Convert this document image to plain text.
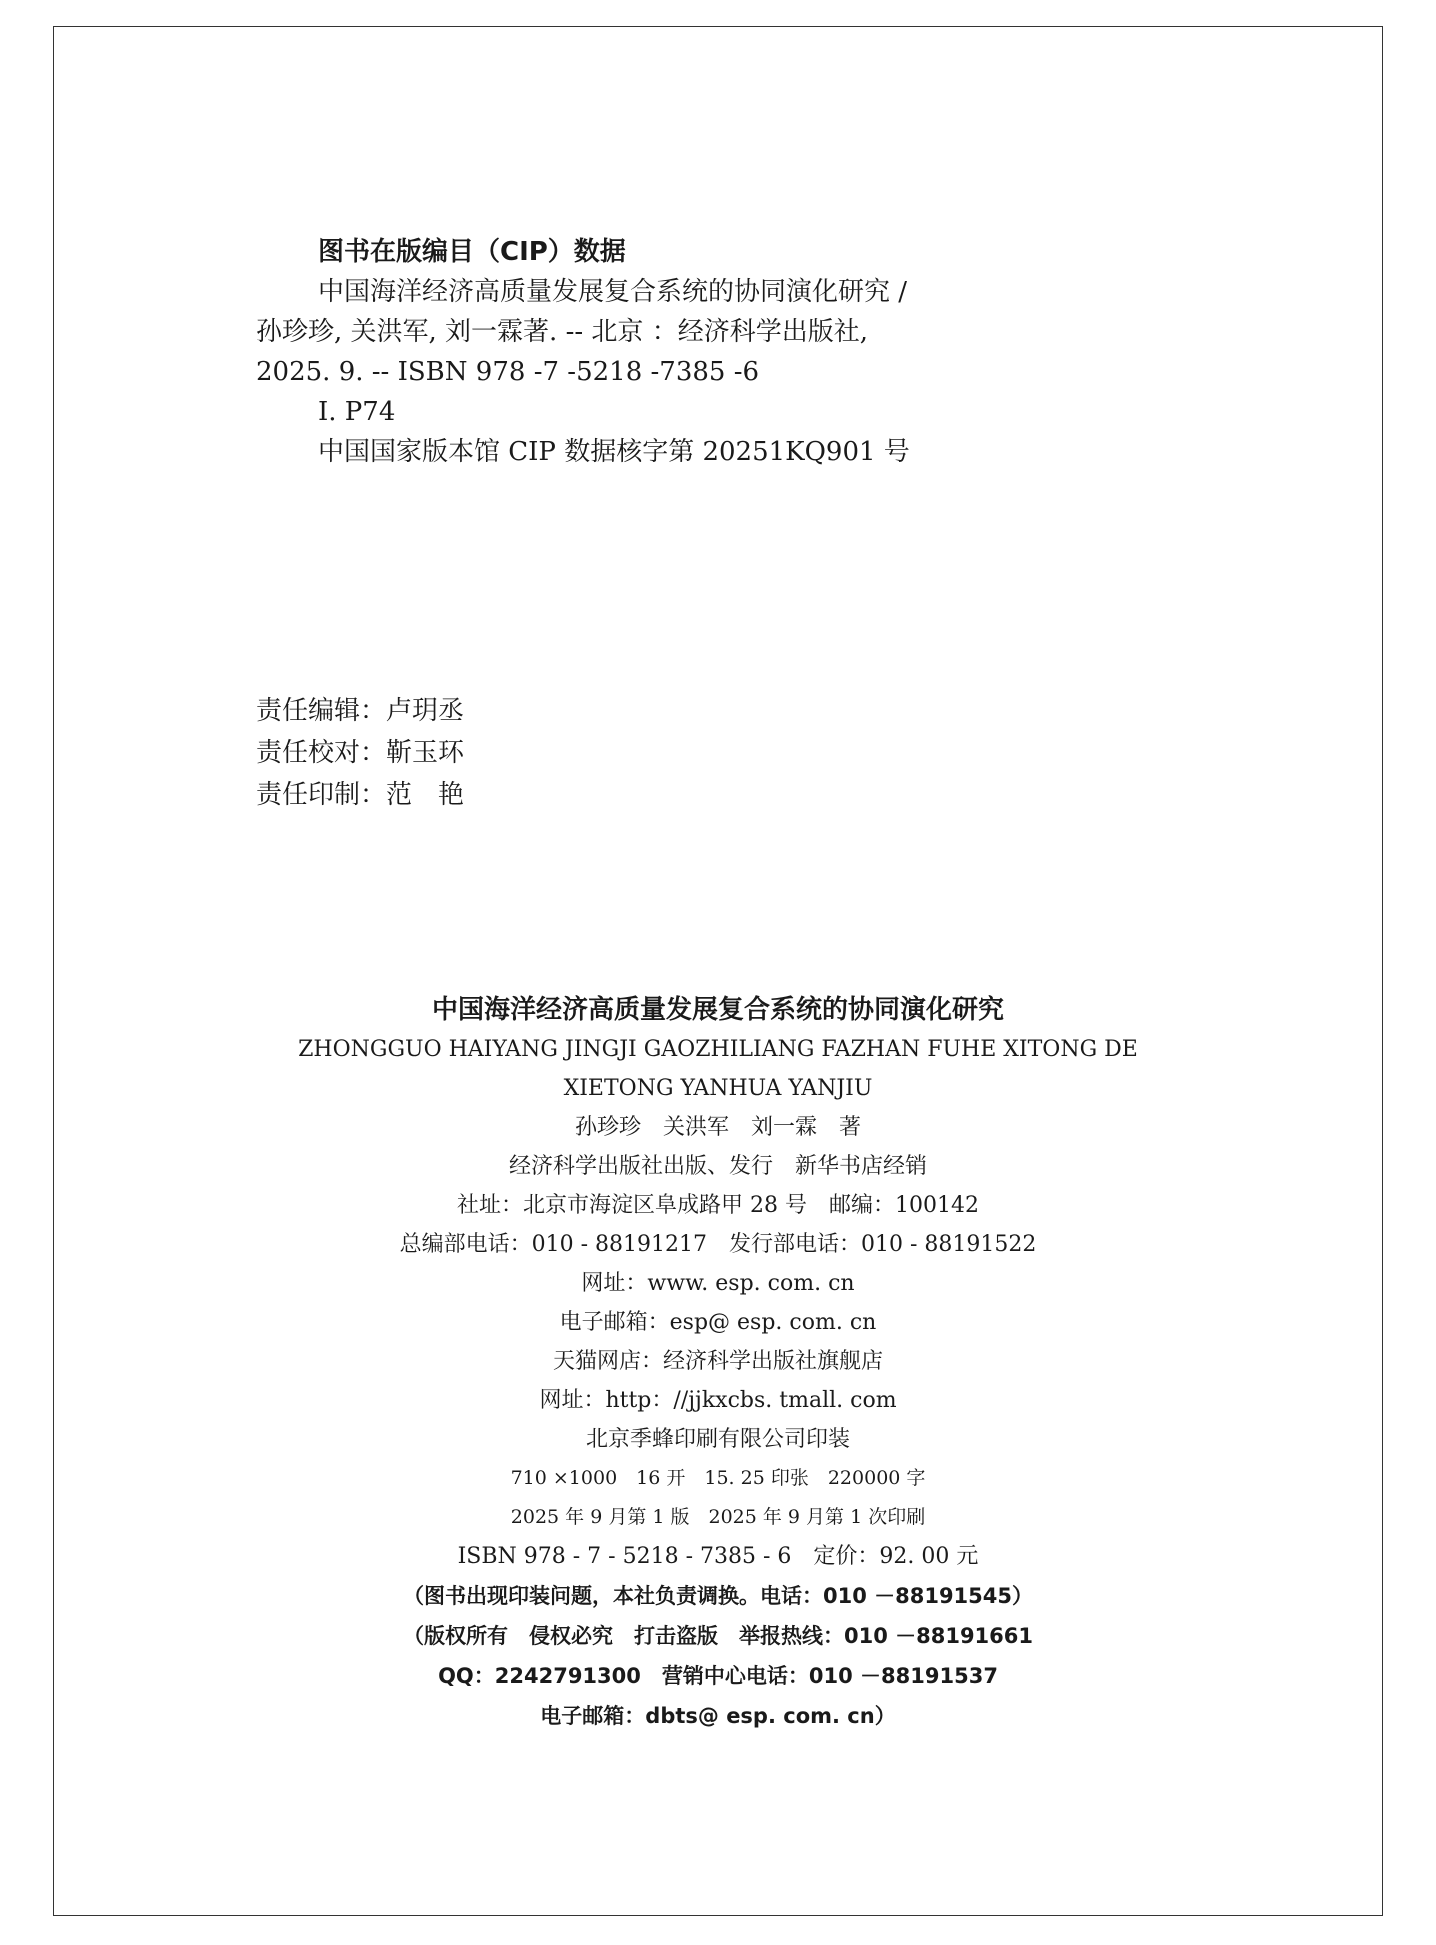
图书在版编目（CIP）数据
中国海洋经济高质量发展复合系统的协同演化研究 /
孙珍珍, 关洪军, 刘一霖著. -- 北京 ：经济科学出版社,
2025. 9. -- ISBN 978 -7 -5218 -7385 -6
Ⅰ. P74
中国国家版本馆 CIP 数据核字第 20251KQ901 号
责任编辑：卢玥丞
责任校对：靳玉环
责任印制：范　艳
中国海洋经济高质量发展复合系统的协同演化研究
ZHONGGUO HAIYANG JINGJI GAOZHILIANG FAZHAN FUHE XITONG DE
XIETONG YANHUA YANJIU
孙珍珍　关洪军　刘一霖　著
经济科学出版社出版、发行　新华书店经销
社址：北京市海淀区阜成路甲 28 号　邮编：100142
总编部电话：010 - 88191217　发行部电话：010 - 88191522
网址：www. esp. com. cn
电子邮箱：esp@ esp. com. cn
天猫网店：经济科学出版社旗舰店
网址：http：//jjkxcbs. tmall. com
北京季蜂印刷有限公司印装
710 ×1000　16 开　15. 25 印张　220000 字
2025 年 9 月第 1 版　2025 年 9 月第 1 次印刷
ISBN 978 - 7 - 5218 - 7385 - 6　定价：92. 00 元
（图书出现印装问题，本社负责调换。电话：010 －88191545）
（版权所有　侵权必究　打击盗版　举报热线：010 －88191661
QQ：2242791300　营销中心电话：010 －88191537
电子邮箱：dbts@ esp. com. cn）
